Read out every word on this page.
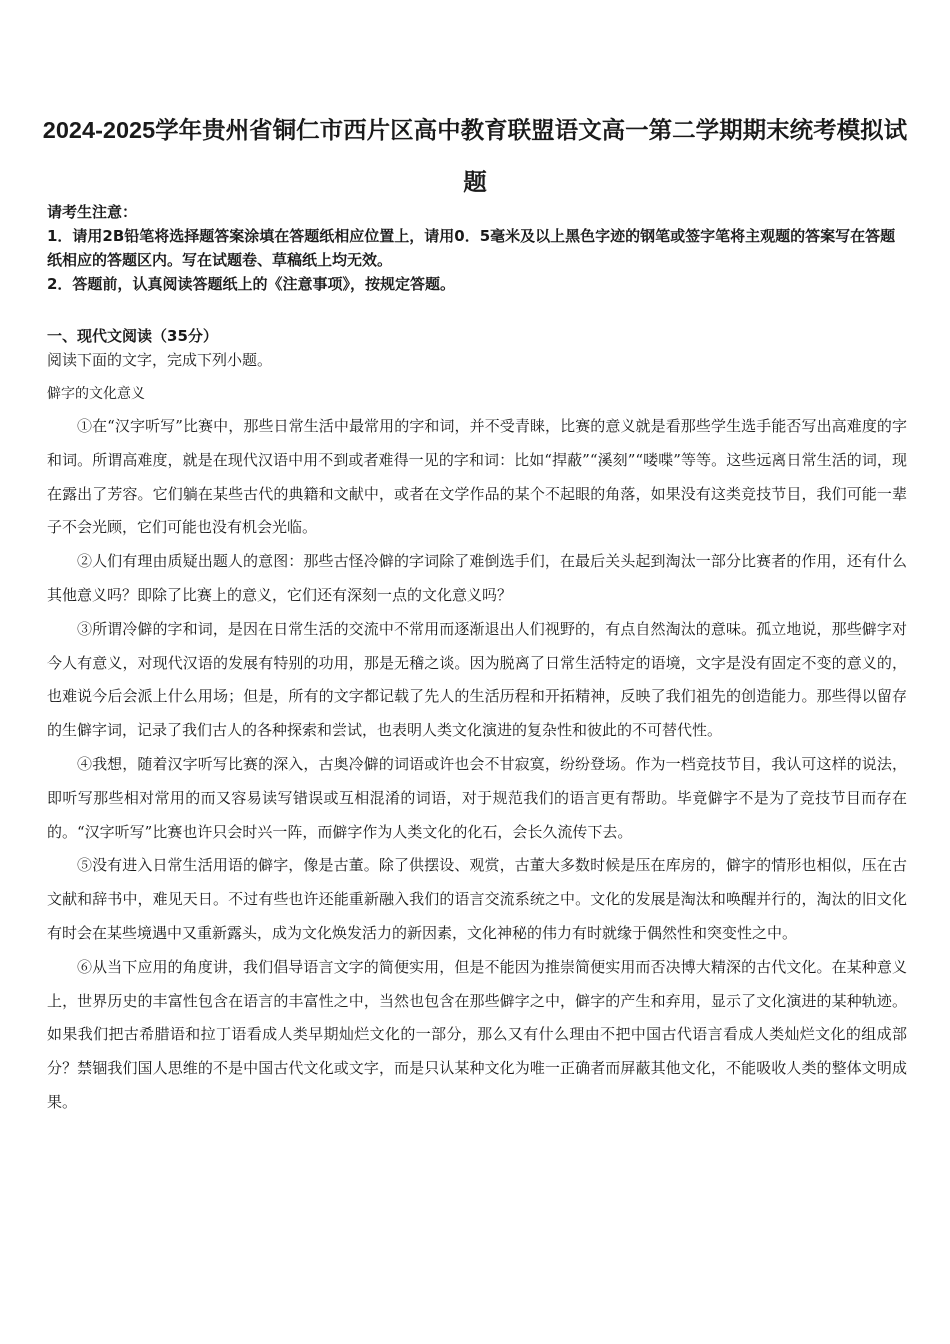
2024-2025学年贵州省铜仁市西片区高中教育联盟语文高一第二学期期末统考模拟试题

请考生注意：

1．请用2B铅笔将选择题答案涂填在答题纸相应位置上，请用0．5毫米及以上黑色字迹的钢笔或签字笔将主观题的答案写在答题纸相应的答题区内。写在试题卷、草稿纸上均无效。

2．答题前，认真阅读答题纸上的《注意事项》，按规定答题。

一、现代文阅读（35分）
阅读下面的文字，完成下列小题。
僻字的文化意义

①在“汉字听写”比赛中，那些日常生活中最常用的字和词，并不受青睐，比赛的意义就是看那些学生选手能否写出高难度的字和词。所谓高难度，就是在现代汉语中用不到或者难得一见的字和词：比如“捍蔽”“溪刻”“喽喋”等等。这些远离日常生活的词，现在露出了芳容。它们躺在某些古代的典籍和文献中，或者在文学作品的某个不起眼的角落，如果没有这类竞技节目，我们可能一辈子不会光顾，它们可能也没有机会光临。

②人们有理由质疑出题人的意图：那些古怪冷僻的字词除了难倒选手们，在最后关头起到淘汰一部分比赛者的作用，还有什么其他意义吗？即除了比赛上的意义，它们还有深刻一点的文化意义吗？

③所谓冷僻的字和词，是因在日常生活的交流中不常用而逐渐退出人们视野的，有点自然淘汰的意味。孤立地说，那些僻字对今人有意义，对现代汉语的发展有特别的功用，那是无稽之谈。因为脱离了日常生活特定的语境，文字是没有固定不变的意义的，也难说今后会派上什么用场；但是，所有的文字都记载了先人的生活历程和开拓精神，反映了我们祖先的创造能力。那些得以留存的生僻字词，记录了我们古人的各种探索和尝试，也表明人类文化演进的复杂性和彼此的不可替代性。

④我想，随着汉字听写比赛的深入，古奥冷僻的词语或许也会不甘寂寞，纷纷登场。作为一档竞技节目，我认可这样的说法，即听写那些相对常用的而又容易读写错误或互相混淆的词语，对于规范我们的语言更有帮助。毕竟僻字不是为了竞技节目而存在的。“汉字听写”比赛也许只会时兴一阵，而僻字作为人类文化的化石，会长久流传下去。

⑤没有进入日常生活用语的僻字，像是古董。除了供摆设、观赏，古董大多数时候是压在库房的，僻字的情形也相似，压在古文献和辞书中，难见天日。不过有些也许还能重新融入我们的语言交流系统之中。文化的发展是淘汰和唤醒并行的，淘汰的旧文化有时会在某些境遇中又重新露头，成为文化焕发活力的新因素，文化神秘的伟力有时就缘于偶然性和突变性之中。

⑥从当下应用的角度讲，我们倡导语言文字的简便实用，但是不能因为推崇简便实用而否决博大精深的古代文化。在某种意义上，世界历史的丰富性包含在语言的丰富性之中，当然也包含在那些僻字之中，僻字的产生和弃用，显示了文化演进的某种轨迹。如果我们把古希腊语和拉丁语看成人类早期灿烂文化的一部分，那么又有什么理由不把中国古代语言看成人类灿烂文化的组成部分？禁锢我们国人思维的不是中国古代文化或文字，而是只认某种文化为唯一正确者而屏蔽其他文化，不能吸收人类的整体文明成果。
